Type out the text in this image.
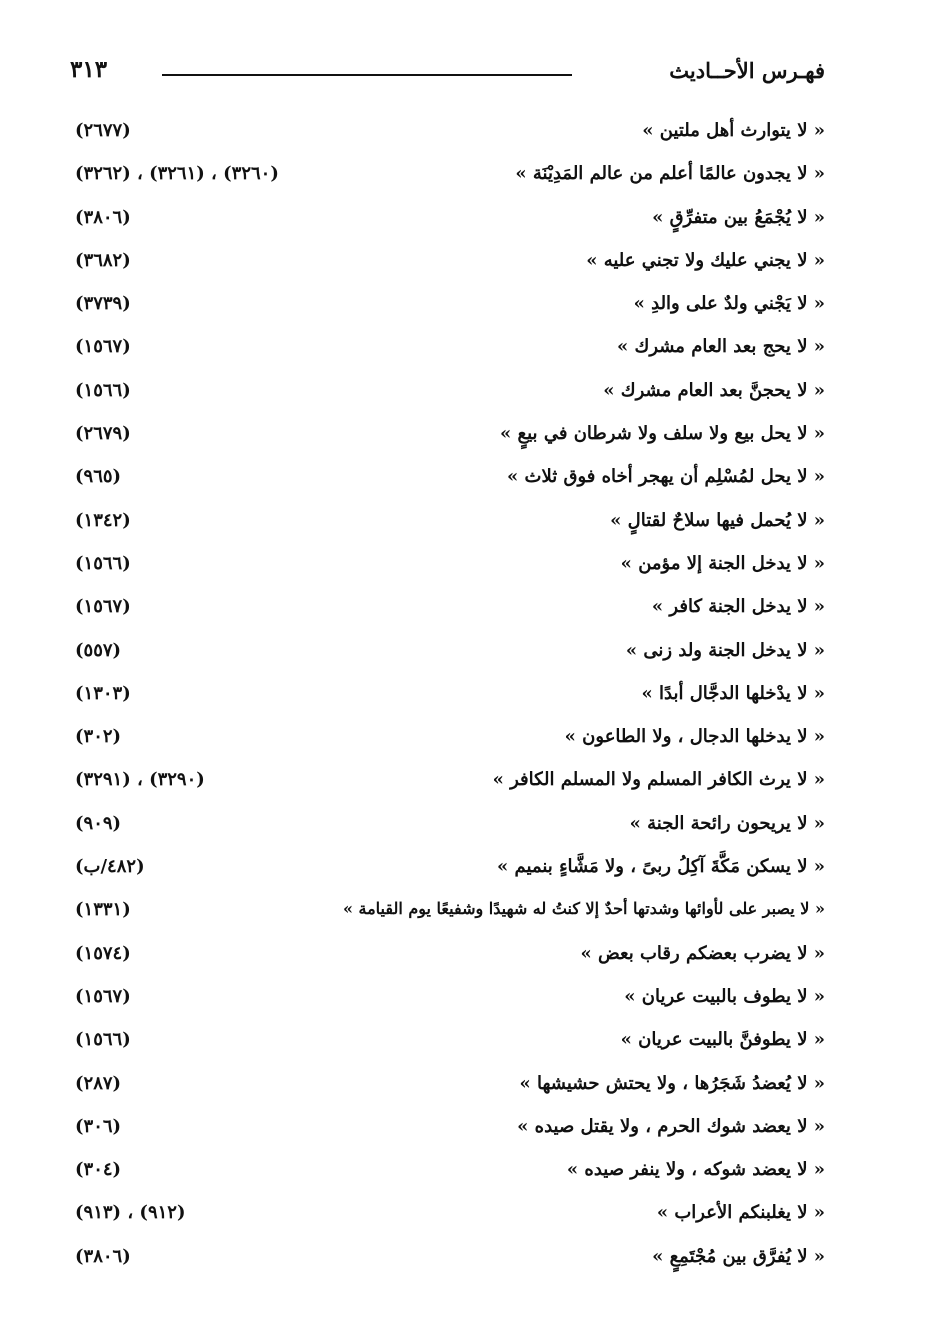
فهـرس الأحــاديث
٣١٣
« لا يتوارث أهل ملتين »
(٢٦٧٧)
« لا يجدون عالمًا أعلم من عالم المَدِيْنَة »
(٣٢٦٠) ، (٣٢٦١) ، (٣٢٦٢)
« لا يُجْمَعُ بين متفرِّقٍ »
(٣٨٠٦)
« لا يجني عليك ولا تجني عليه »
(٣٦٨٢)
« لا يَجْني ولدٌ على والدِ »
(٣٧٣٩)
« لا يحج بعد العام مشرك »
(١٥٦٧)
« لا يحجنَّ بعد العام مشرك »
(١٥٦٦)
« لا يحل بيع ولا سلف ولا شرطان في بيعٍ »
(٢٦٧٩)
« لا يحل لمُسْلِم أن يهجر أخاه فوق ثلاث »
(٩٦٥)
« لا يُحمل فيها سلاحٌ لقتالٍ »
(١٣٤٢)
« لا يدخل الجنة إلا مؤمن »
(١٥٦٦)
« لا يدخل الجنة كافر »
(١٥٦٧)
« لا يدخل الجنة ولد زنى »
(٥٥٧)
« لا يدْخلها الدجَّال أبدًا »
(١٣٠٣)
« لا يدخلها الدجال ، ولا الطاعون »
(٣٠٢)
« لا يرث الكافر المسلم ولا المسلم الكافر »
(٣٢٩٠) ، (٣٢٩١)
« لا يريحون رائحة الجنة »
(٩٠٩)
« لا يسكن مَكَّةَ آكِلُ ربىً ، ولا مَشَّاءٍ بنميم »
(٤٨٢/ب)
« لا يصبر على لأوائها وشدتها أحدٌ إلا كنتُ له شهيدًا وشفيعًا يوم القيامة »
(١٣٣١)
« لا يضرب بعضكم رقاب بعض »
(١٥٧٤)
« لا يطوف بالبيت عريان »
(١٥٦٧)
« لا يطوفنَّ بالبيت عريان »
(١٥٦٦)
« لا يُعضدُ شَجَرُها ، ولا يحتش حشيشها »
(٢٨٧)
« لا يعضد شوك الحرم ، ولا يقتل صيده »
(٣٠٦)
« لا يعضد شوكه ، ولا ينفر صيده »
(٣٠٤)
« لا يغلبنكم الأعراب »
(٩١٢) ، (٩١٣)
« لا يُفرَّق بين مُجْتَمِعٍ »
(٣٨٠٦)
